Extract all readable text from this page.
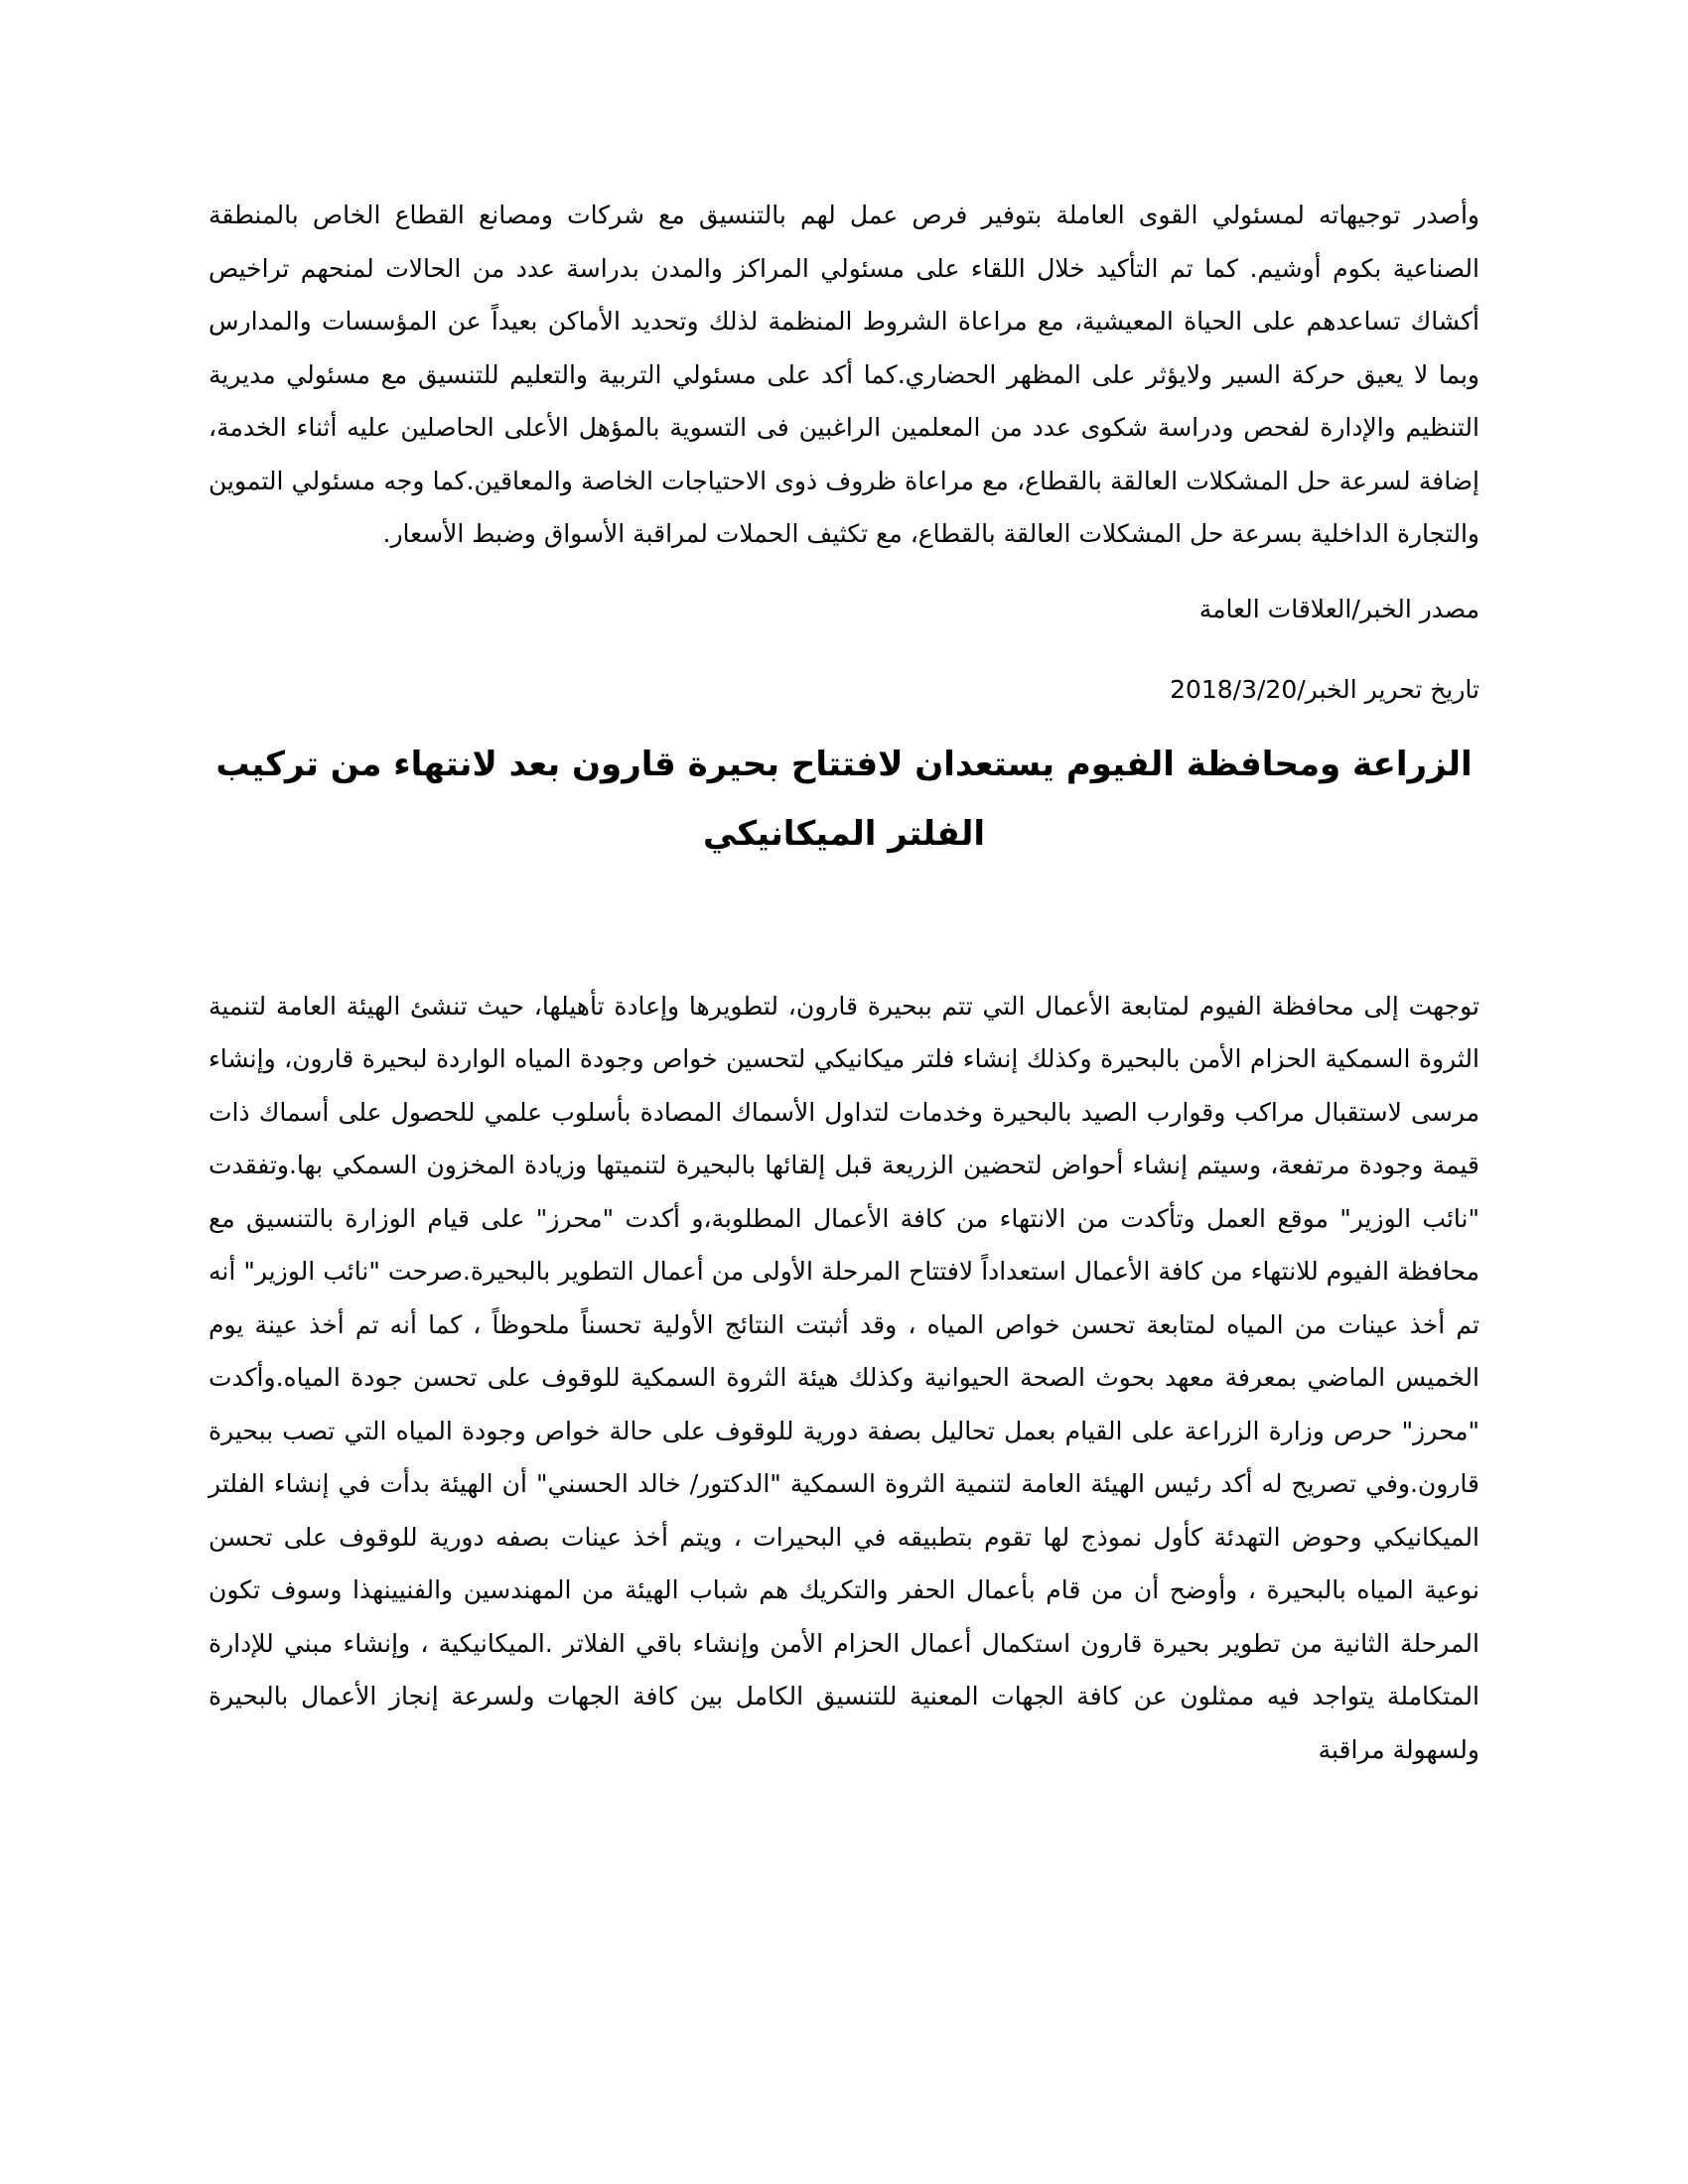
وأصدر توجيهاته لمسئولي القوى العاملة بتوفير فرص عمل لهم بالتنسيق مع شركات ومصانع القطاع الخاص بالمنطقة الصناعية بكوم أوشيم. كما تم التأكيد خلال اللقاء على مسئولي المراكز والمدن بدراسة عدد من الحالات لمنحهم تراخيص أكشاك تساعدهم على الحياة المعيشية، مع مراعاة الشروط المنظمة لذلك وتحديد الأماكن بعيداً عن المؤسسات والمدارس وبما لا يعيق حركة السير ولايؤثر على المظهر الحضاري.كما أكد على مسئولي التربية والتعليم للتنسيق مع مسئولي مديرية التنظيم والإدارة لفحص ودراسة شكوى عدد من المعلمين الراغبين فى التسوية بالمؤهل الأعلى الحاصلين عليه أثناء الخدمة، إضافة لسرعة حل المشكلات العالقة بالقطاع، مع مراعاة ظروف ذوى الاحتياجات الخاصة والمعاقين.كما وجه مسئولي التموين والتجارة الداخلية بسرعة حل المشكلات العالقة بالقطاع، مع تكثيف الحملات لمراقبة الأسواق وضبط الأسعار.

مصدر الخبر/العلاقات العامة

تاريخ تحرير الخبر/2018/3/20

الزراعة ومحافظة الفيوم يستعدان لافتتاح بحيرة قارون بعد لانتهاء من تركيب الفلتر الميكانيكي

توجهت إلى محافظة الفيوم لمتابعة الأعمال التي تتم ببحيرة قارون، لتطويرها وإعادة تأهيلها، حيث تنشئ الهيئة العامة لتنمية الثروة السمكية الحزام الأمن بالبحيرة وكذلك إنشاء فلتر ميكانيكي لتحسين خواص وجودة المياه الواردة لبحيرة قارون، وإنشاء مرسى لاستقبال مراكب وقوارب الصيد بالبحيرة وخدمات لتداول الأسماك المصادة بأسلوب علمي للحصول على أسماك ذات قيمة وجودة مرتفعة، وسيتم إنشاء أحواض لتحضين الزريعة قبل إلقائها بالبحيرة لتنميتها وزيادة المخزون السمكي بها.وتفقدت "نائب الوزير" موقع العمل وتأكدت من الانتهاء من كافة الأعمال المطلوبة،و أكدت "محرز" على قيام الوزارة بالتنسيق مع محافظة الفيوم للانتهاء من كافة الأعمال استعداداً لافتتاح المرحلة الأولى من أعمال التطوير بالبحيرة.صرحت "نائب الوزير" أنه تم أخذ عينات من المياه لمتابعة تحسن خواص المياه ، وقد أثبتت النتائج الأولية تحسناً ملحوظاً ، كما أنه تم أخذ عينة يوم الخميس الماضي بمعرفة معهد بحوث الصحة الحيوانية وكذلك هيئة الثروة السمكية للوقوف على تحسن جودة المياه.وأكدت "محرز" حرص وزارة الزراعة على القيام بعمل تحاليل بصفة دورية للوقوف على حالة خواص وجودة المياه التي تصب ببحيرة قارون.وفي تصريح له أكد رئيس الهيئة العامة لتنمية الثروة السمكية "الدكتور/ خالد الحسني" أن الهيئة بدأت في إنشاء الفلتر الميكانيكي وحوض التهدئة كأول نموذج لها تقوم بتطبيقه في البحيرات ، ويتم أخذ عينات بصفه دورية للوقوف على تحسن نوعية المياه بالبحيرة ، وأوضح أن من قام بأعمال الحفر والتكريك هم شباب الهيئة من المهندسين والفنيينهذا وسوف تكون المرحلة الثانية من تطوير بحيرة قارون استكمال أعمال الحزام الأمن وإنشاء باقي الفلاتر .الميكانيكية ، وإنشاء مبني للإدارة المتكاملة يتواجد فيه ممثلون عن كافة الجهات المعنية للتنسيق الكامل بين كافة الجهات ولسرعة إنجاز الأعمال بالبحيرة ولسهولة مراقبة
